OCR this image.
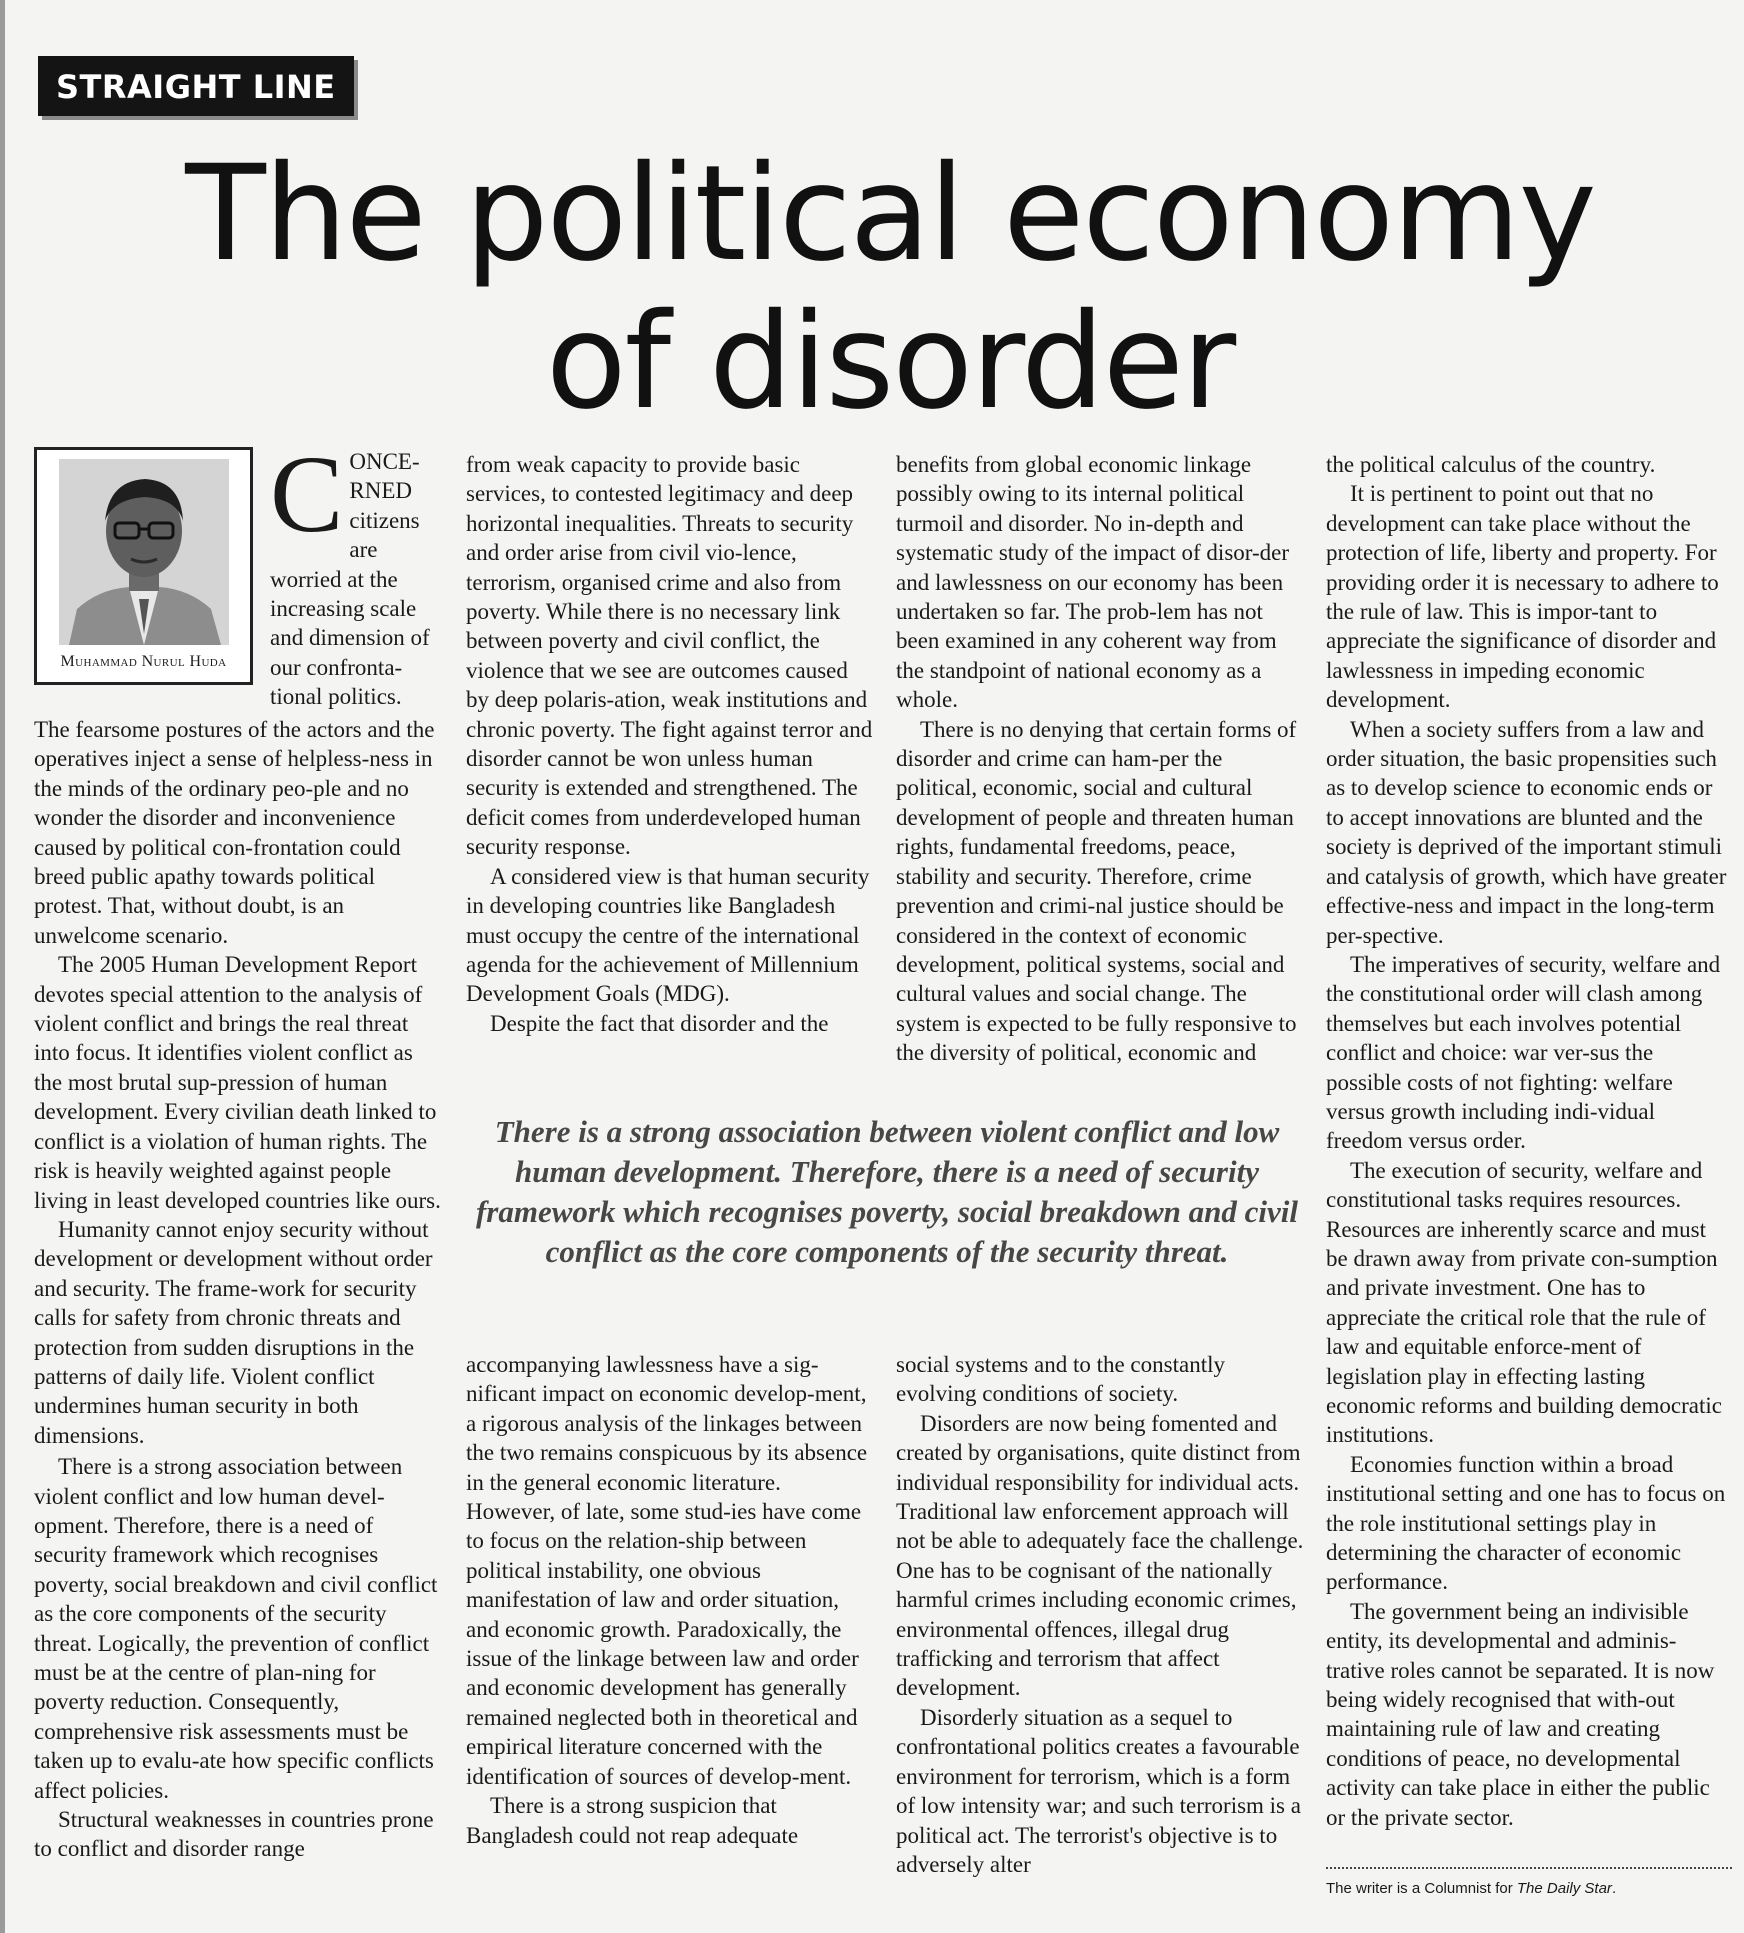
STRAIGHT LINE
The political economy
of disorder
Muhammad Nurul Huda
CONCE-RNED citizens are worried at the increasing scale and dimension of our confronta-tional politics.

The fearsome postures of the actors and the operatives inject a sense of helpless-ness in the minds of the ordinary peo-ple and no wonder the disorder and inconvenience caused by political con-frontation could breed public apathy towards political protest. That, without doubt, is an unwelcome scenario.

The 2005 Human Development Report devotes special attention to the analysis of violent conflict and brings the real threat into focus. It identifies violent conflict as the most brutal sup-pression of human development. Every civilian death linked to conflict is a violation of human rights. The risk is heavily weighted against people living in least developed countries like ours.

Humanity cannot enjoy security without development or development without order and security. The frame-work for security calls for safety from chronic threats and protection from sudden disruptions in the patterns of daily life. Violent conflict undermines human security in both dimensions.

There is a strong association between violent conflict and low human devel-opment. Therefore, there is a need of security framework which recognises poverty, social breakdown and civil conflict as the core components of the security threat. Logically, the prevention of conflict must be at the centre of plan-ning for poverty reduction. Consequently, comprehensive risk assessments must be taken up to evalu-ate how specific conflicts affect policies.

Structural weaknesses in countries prone to conflict and disorder range

from weak capacity to provide basic services, to contested legitimacy and deep horizontal inequalities. Threats to security and order arise from civil vio-lence, terrorism, organised crime and also from poverty. While there is no necessary link between poverty and civil conflict, the violence that we see are outcomes caused by deep polaris-ation, weak institutions and chronic poverty. The fight against terror and disorder cannot be won unless human security is extended and strengthened. The deficit comes from underdeveloped human security response.

A considered view is that human security in developing countries like Bangladesh must occupy the centre of the international agenda for the achievement of Millennium Development Goals (MDG).

Despite the fact that disorder and the

benefits from global economic linkage possibly owing to its internal political turmoil and disorder. No in-depth and systematic study of the impact of disor-der and lawlessness on our economy has been undertaken so far. The prob-lem has not been examined in any coherent way from the standpoint of national economy as a whole.

There is no denying that certain forms of disorder and crime can ham-per the political, economic, social and cultural development of people and threaten human rights, fundamental freedoms, peace, stability and security. Therefore, crime prevention and crimi-nal justice should be considered in the context of economic development, political systems, social and cultural values and social change. The system is expected to be fully responsive to the diversity of political, economic and

There is a strong association between violent conflict and low human development. Therefore, there is a need of security framework which recognises poverty, social breakdown and civil conflict as the core components of the security threat.

accompanying lawlessness have a sig-nificant impact on economic develop-ment, a rigorous analysis of the linkages between the two remains conspicuous by its absence in the general economic literature. However, of late, some stud-ies have come to focus on the relation-ship between political instability, one obvious manifestation of law and order situation, and economic growth. Paradoxically, the issue of the linkage between law and order and economic development has generally remained neglected both in theoretical and empirical literature concerned with the identification of sources of develop-ment.

There is a strong suspicion that Bangladesh could not reap adequate

social systems and to the constantly evolving conditions of society.

Disorders are now being fomented and created by organisations, quite distinct from individual responsibility for individual acts. Traditional law enforcement approach will not be able to adequately face the challenge. One has to be cognisant of the nationally harmful crimes including economic crimes, environmental offences, illegal drug trafficking and terrorism that affect development.

Disorderly situation as a sequel to confrontational politics creates a favourable environment for terrorism, which is a form of low intensity war; and such terrorism is a political act. The terrorist's objective is to adversely alter

the political calculus of the country.

It is pertinent to point out that no development can take place without the protection of life, liberty and property. For providing order it is necessary to adhere to the rule of law. This is impor-tant to appreciate the significance of disorder and lawlessness in impeding economic development.

When a society suffers from a law and order situation, the basic propensities such as to develop science to economic ends or to accept innovations are blunted and the society is deprived of the important stimuli and catalysis of growth, which have greater effective-ness and impact in the long-term per-spective.

The imperatives of security, welfare and the constitutional order will clash among themselves but each involves potential conflict and choice: war ver-sus the possible costs of not fighting: welfare versus growth including indi-vidual freedom versus order.

The execution of security, welfare and constitutional tasks requires resources. Resources are inherently scarce and must be drawn away from private con-sumption and private investment. One has to appreciate the critical role that the rule of law and equitable enforce-ment of legislation play in effecting lasting economic reforms and building democratic institutions.

Economies function within a broad institutional setting and one has to focus on the role institutional settings play in determining the character of economic performance.

The government being an indivisible entity, its developmental and adminis-trative roles cannot be separated. It is now being widely recognised that with-out maintaining rule of law and creating conditions of peace, no developmental activity can take place in either the public or the private sector.

The writer is a Columnist for The Daily Star.
